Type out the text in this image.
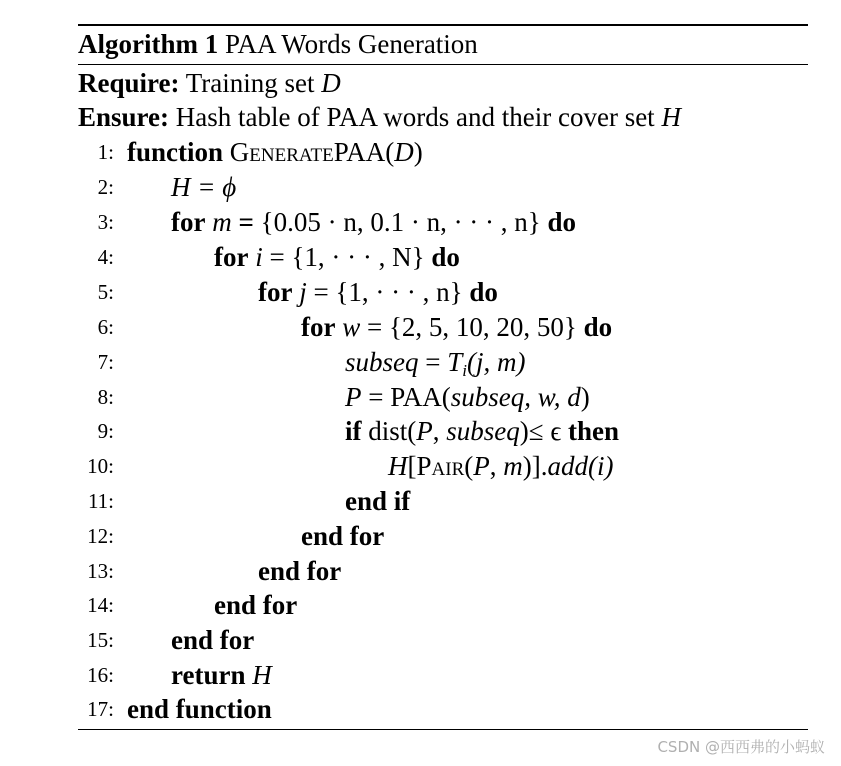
Algorithm 1 PAA Words Generation
Require: Training set D
Ensure: Hash table of PAA words and their cover set H
1: function GeneratePAA(D)
2: H = ϕ
3: for m = {0.05 · n, 0.1 · n, · · · , n} do
4:	for i = {1, · · · , N} do
5:	for j = {1, · · · , n} do
6:	for w = {2, 5, 10, 20, 50} do
7:	subseq = $T_i(j$, m)
8:	P = PAA(subseq, w, d)
9:	if dist(P, subseq)≤ ϵ then
10:	H[Pair(P, m)].add(i)
11:	end if
12:	end for
13:	end for
14:	end for
15: end for
16: return H
17: end function
CSDN @西西弗的小蚂蚁
